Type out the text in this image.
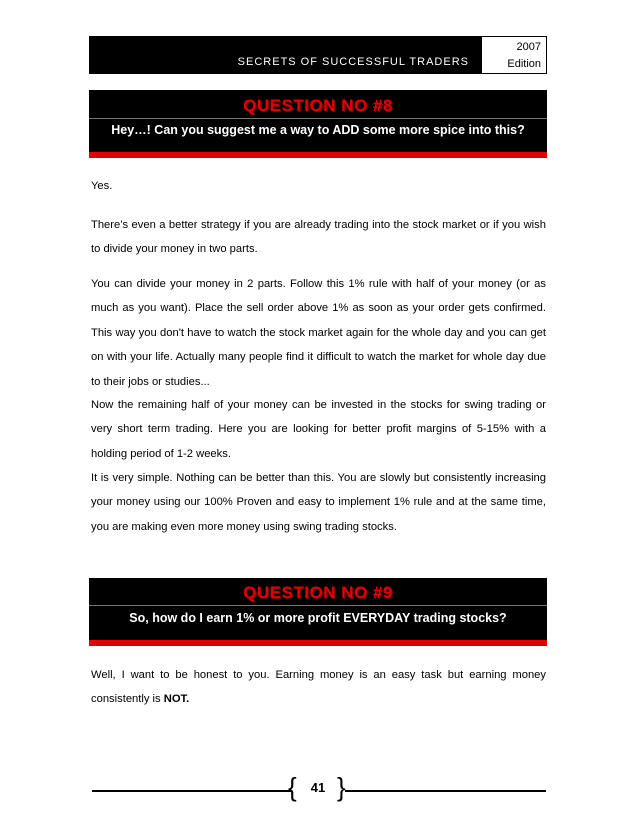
SECRETS OF SUCCESSFUL TRADERS
2007
Edition
QUESTION NO #8
Hey…! Can you suggest me a way to ADD some more spice into this?

Yes.

There’s even a better strategy if you are already trading into the stock market or if you wish to divide your money in two parts.

You can divide your money in 2 parts. Follow this 1% rule with half of your money (or as much as you want). Place the sell order above 1% as soon as your order gets confirmed. This way you don't have to watch the stock market again for the whole day and you can get on with your life. Actually many people find it difficult to watch the market for whole day due to their jobs or studies...

Now the remaining half of your money can be invested in the stocks for swing trading or very short term trading. Here you are looking for better profit margins of 5-15% with a holding period of 1-2 weeks.

It is very simple. Nothing can be better than this. You are slowly but consistently increasing your money using our 100% Proven and easy to implement 1% rule and at the same time, you are making even more money using swing trading stocks.

QUESTION NO #9
So, how do I earn 1% or more profit EVERYDAY trading stocks?

Well, I want to be honest to you. Earning money is an easy task but earning money consistently is NOT.

{ }
41
